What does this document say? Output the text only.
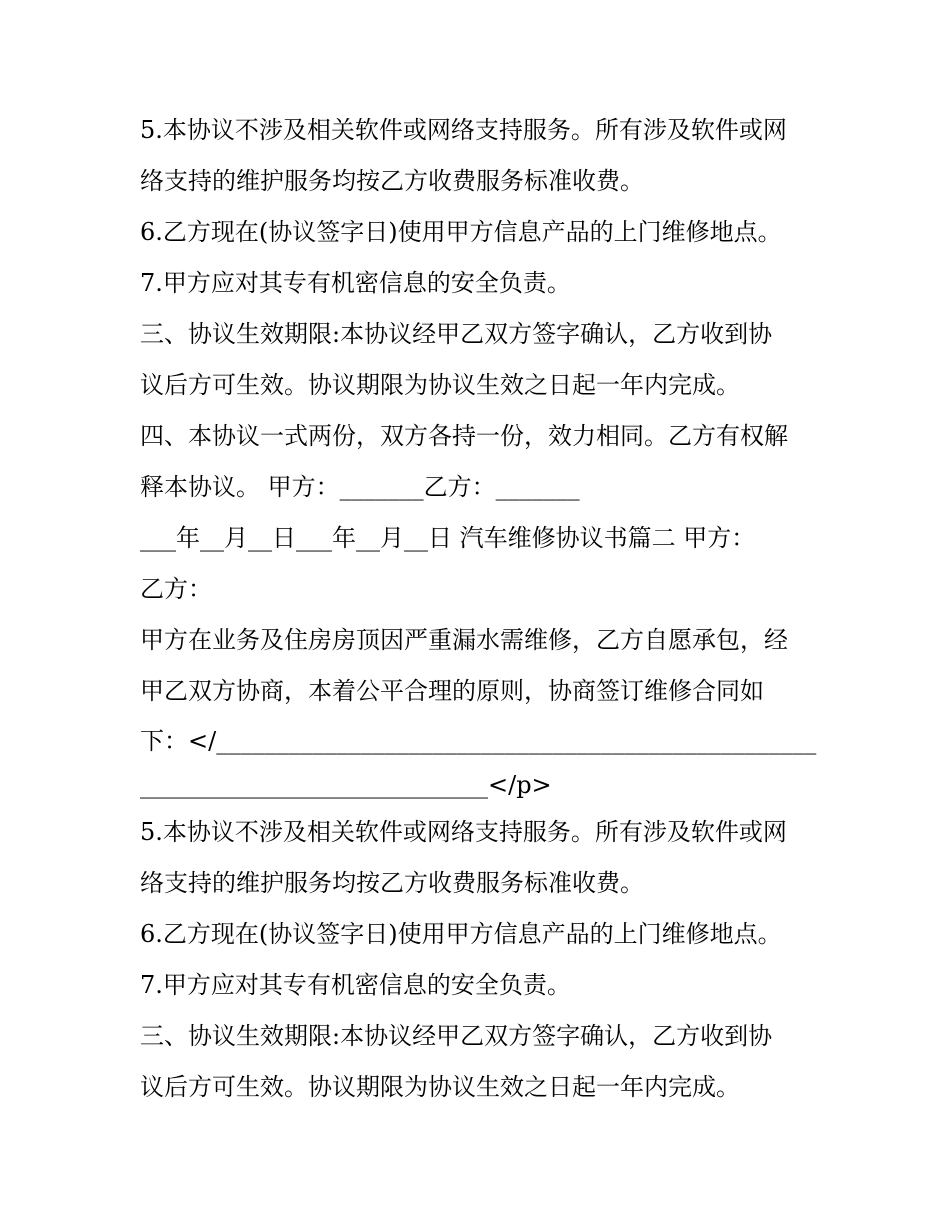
5.本协议不涉及相关软件或网络支持服务。所有涉及软件或网
络支持的维护服务均按乙方收费服务标准收费。
6.乙方现在(协议签字日)使用甲方信息产品的上门维修地点。
7.甲方应对其专有机密信息的安全负责。
三、协议生效期限:本协议经甲乙双方签字确认，乙方收到协
议后方可生效。协议期限为协议生效之日起一年内完成。
四、本协议一式两份，双方各持一份，效力相同。乙方有权解
释本协议。 甲方：_______乙方：_______
___年__月__日___年__月__日 汽车维修协议书篇二 甲方：
乙方：
甲方在业务及住房房顶因严重漏水需维修，乙方自愿承包，经
甲乙双方协商，本着公平合理的原则，协商签订维修合同如
下：</__________________________________________________
_____________________________</p>
5.本协议不涉及相关软件或网络支持服务。所有涉及软件或网
络支持的维护服务均按乙方收费服务标准收费。
6.乙方现在(协议签字日)使用甲方信息产品的上门维修地点。
7.甲方应对其专有机密信息的安全负责。
三、协议生效期限:本协议经甲乙双方签字确认，乙方收到协
议后方可生效。协议期限为协议生效之日起一年内完成。
